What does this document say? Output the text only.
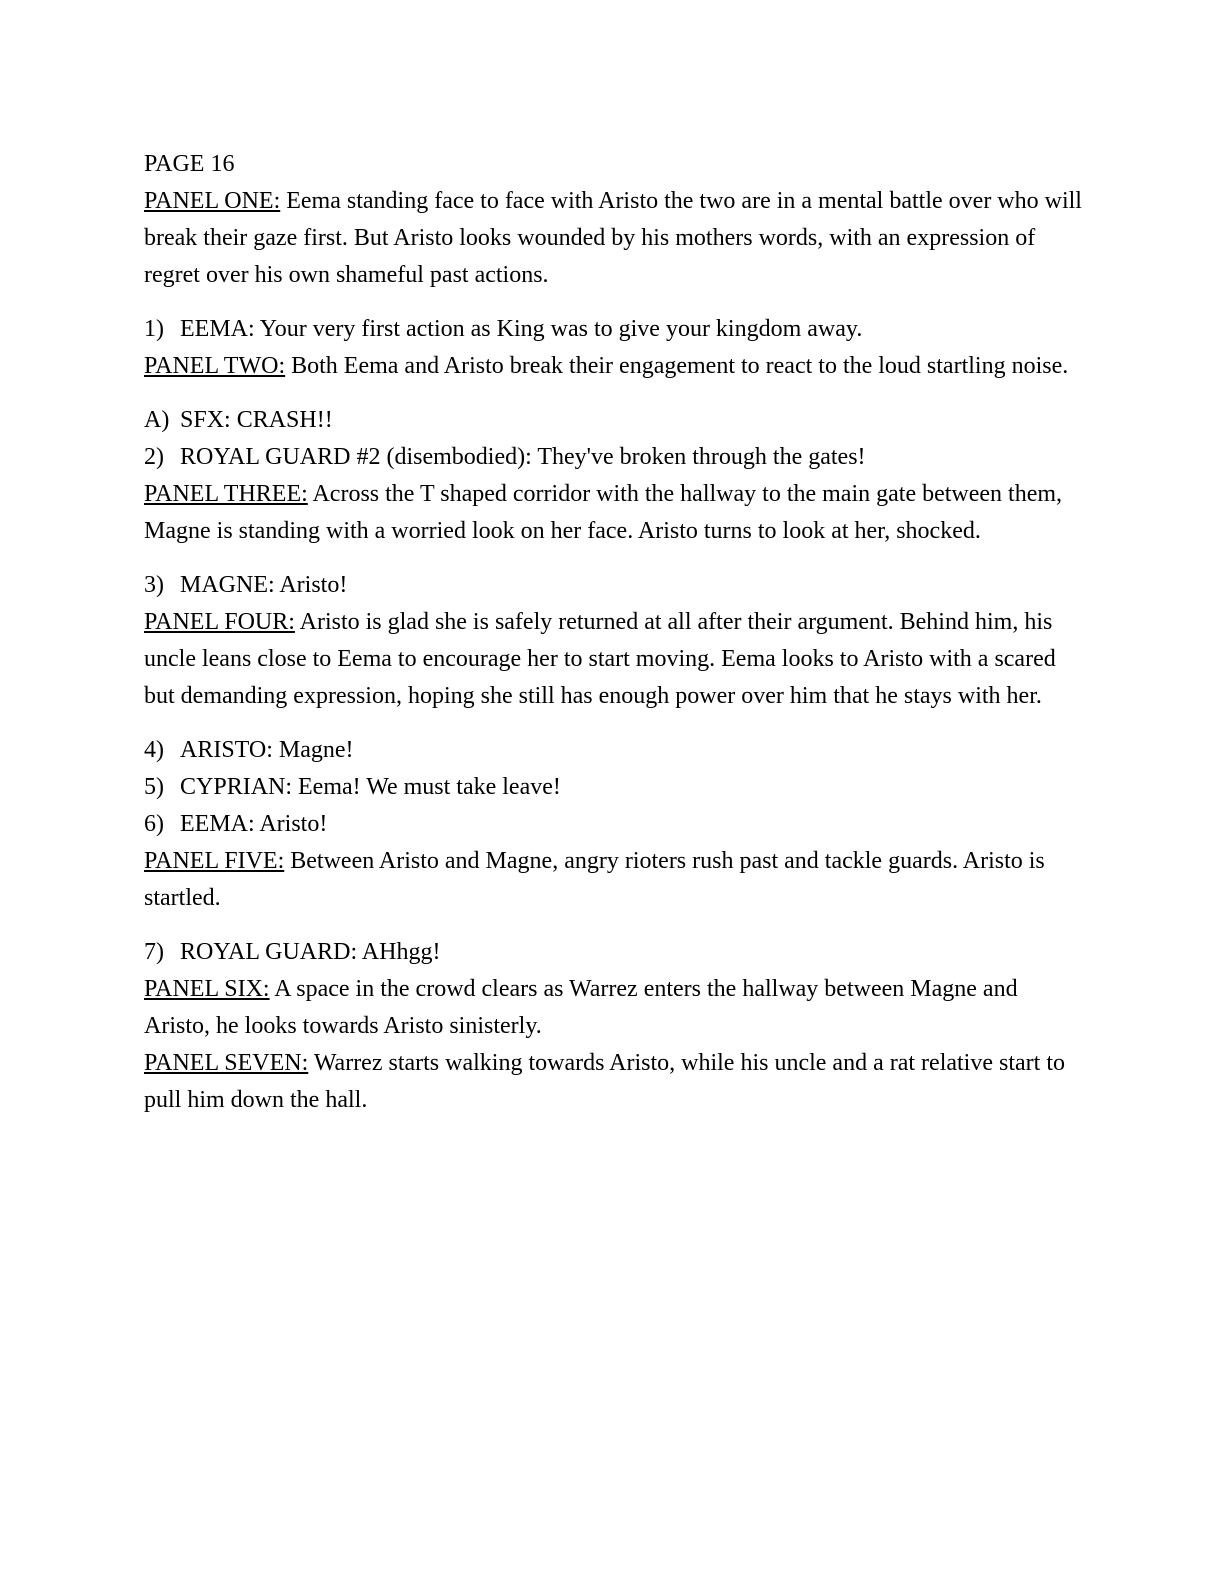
PAGE 16

PANEL ONE: Eema standing face to face with Aristo the two are in a mental battle over who will break their gaze first. But Aristo looks wounded by his mothers words, with an expression of regret over his own shameful past actions.

1) EEMA: Your very first action as King was to give your kingdom away.

PANEL TWO: Both Eema and Aristo break their engagement to react to the loud startling noise.

A) SFX: CRASH!!

2) ROYAL GUARD #2 (disembodied): They've broken through the gates!

PANEL THREE: Across the T shaped corridor with the hallway to the main gate between them, Magne is standing with a worried look on her face. Aristo turns to look at her, shocked.

3) MAGNE: Aristo!

PANEL FOUR: Aristo is glad she is safely returned at all after their argument. Behind him, his uncle leans close to Eema to encourage her to start moving. Eema looks to Aristo with a scared but demanding expression, hoping she still has enough power over him that he stays with her.

4) ARISTO: Magne!

5) CYPRIAN: Eema! We must take leave!

6) EEMA: Aristo!

PANEL FIVE: Between Aristo and Magne, angry rioters rush past and tackle guards. Aristo is startled.

7) ROYAL GUARD: AHhgg!

PANEL SIX: A space in the crowd clears as Warrez enters the hallway between Magne and Aristo, he looks towards Aristo sinisterly.

PANEL SEVEN: Warrez starts walking towards Aristo, while his uncle and a rat relative start to pull him down the hall.
